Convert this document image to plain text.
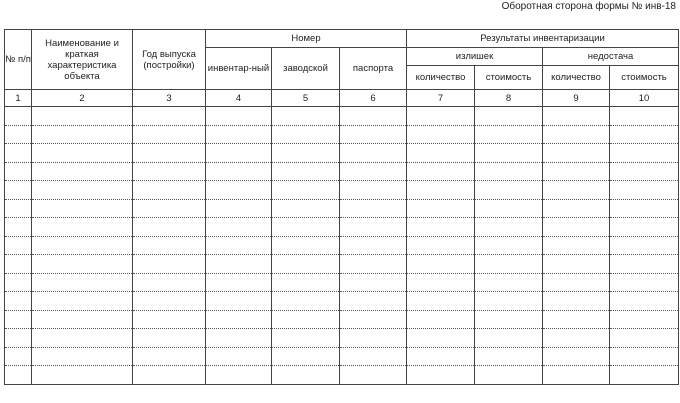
Оборотная сторона формы № инв-18
№ п/п	Наименование и краткая характеристика объекта	Год выпуска (постройки)	Номер			Результаты инвентаризации			
			инвентар-ный	заводской	паспорта	излишек		недостача	
						количество	стоимость	количество	стоимость
1	2	3	4	5	6	7	8	9	10
